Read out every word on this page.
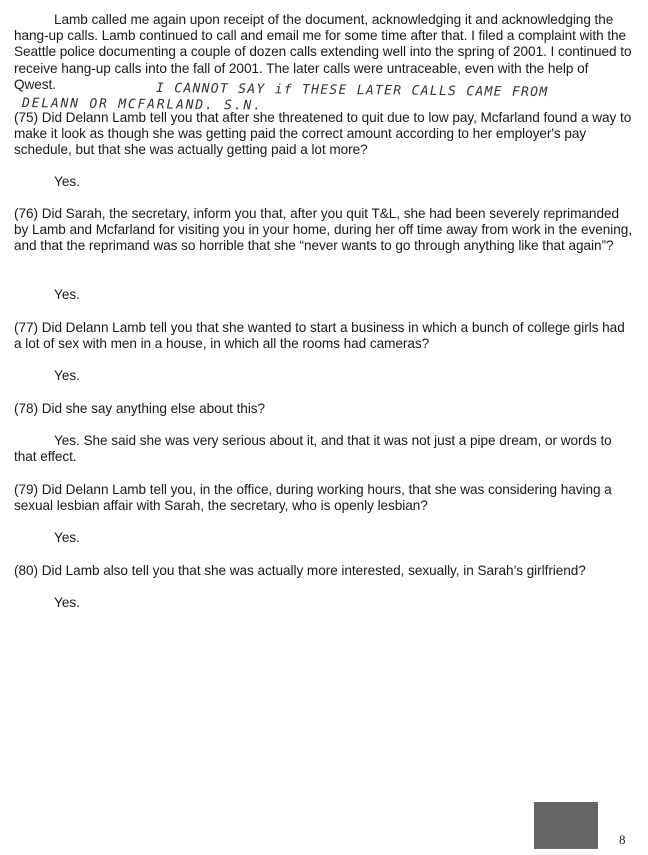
Lamb called me again upon receipt of the document, acknowledging it and acknowledging the hang-up calls. Lamb continued to call and email me for some time after that. I filed a complaint with the Seattle police documenting a couple of dozen calls extending well into the spring of 2001. I continued to receive hang-up calls into the fall of 2001. The later calls were untraceable, even with the help of Qwest.	I CANNOT SAY if THESE LATER CALLS CAME FROM
DELANN OR MCFARLAND. S.N.
(75) Did Delann Lamb tell you that after she threatened to quit due to low pay, Mcfarland found a way to make it look as though she was getting paid the correct amount according to her employer's pay schedule, but that she was actually getting paid a lot more?
Yes.
(76) Did Sarah, the secretary, inform you that, after you quit T&L, she had been severely reprimanded by Lamb and Mcfarland for visiting you in your home, during her off time away from work in the evening, and that the reprimand was so horrible that she “never wants to go through anything like that again”?
Yes.
(77) Did Delann Lamb tell you that she wanted to start a business in which a bunch of college girls had a lot of sex with men in a house, in which all the rooms had cameras?
Yes.
(78) Did she say anything else about this?
Yes. She said she was very serious about it, and that it was not just a pipe dream, or words to that effect.
(79) Did Delann Lamb tell you, in the office, during working hours, that she was considering having a sexual lesbian affair with Sarah, the secretary, who is openly lesbian?
Yes.
(80) Did Lamb also tell you that she was actually more interested, sexually, in Sarah’s girlfriend?
Yes.
8
